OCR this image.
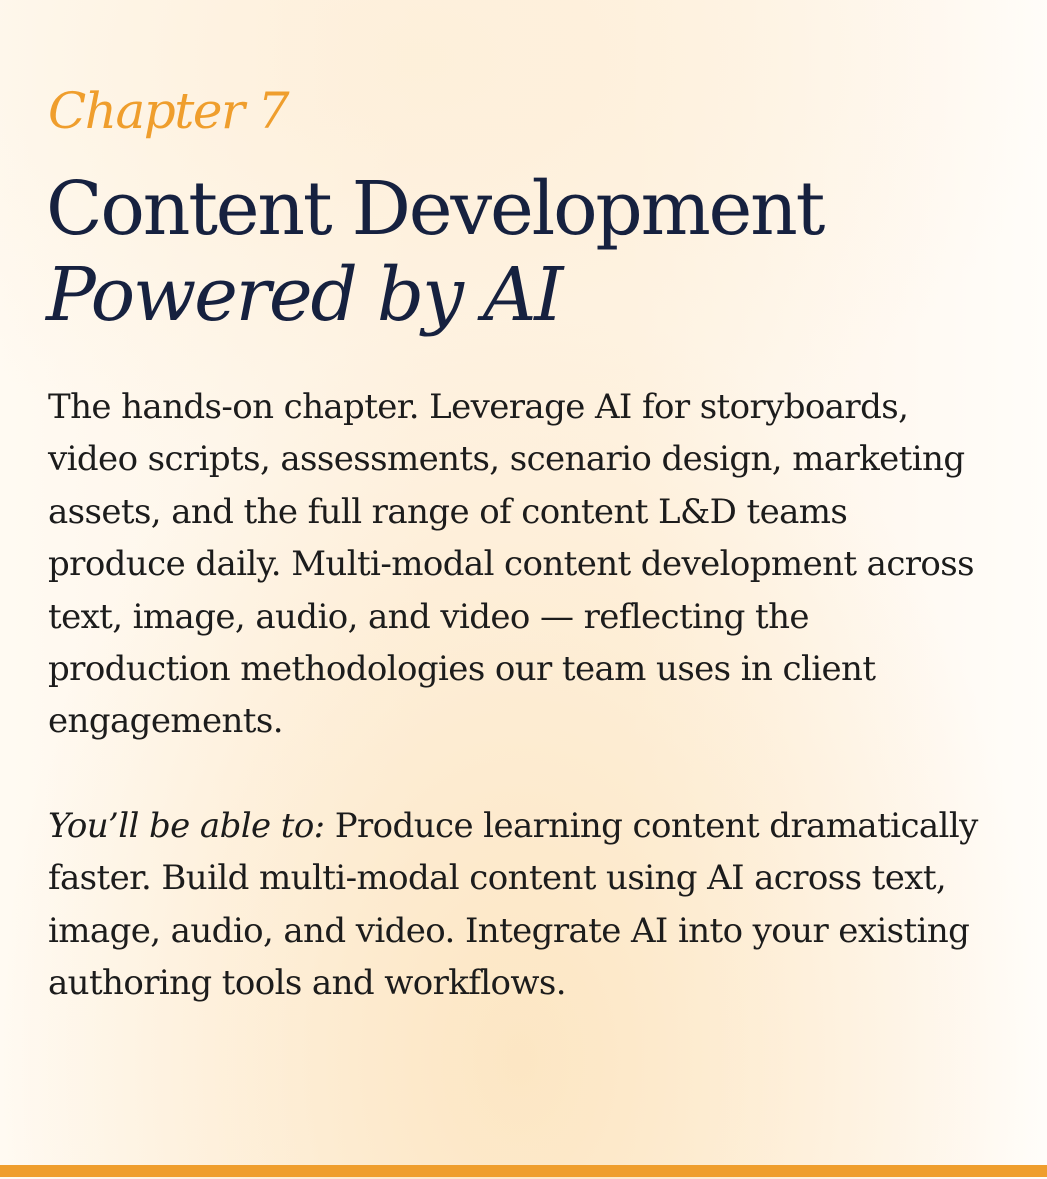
Chapter 7
Content Development
Powered by AI

The hands-on chapter. Leverage AI for storyboards, video scripts, assessments, scenario design, marketing assets, and the full range of content L&D teams produce daily. Multi-modal content development across text, image, audio, and video — reflecting the production methodologies our team uses in client engagements.

You’ll be able to: Produce learning content dramatically faster. Build multi-modal content using AI across text, image, audio, and video. Integrate AI into your existing authoring tools and workflows.
